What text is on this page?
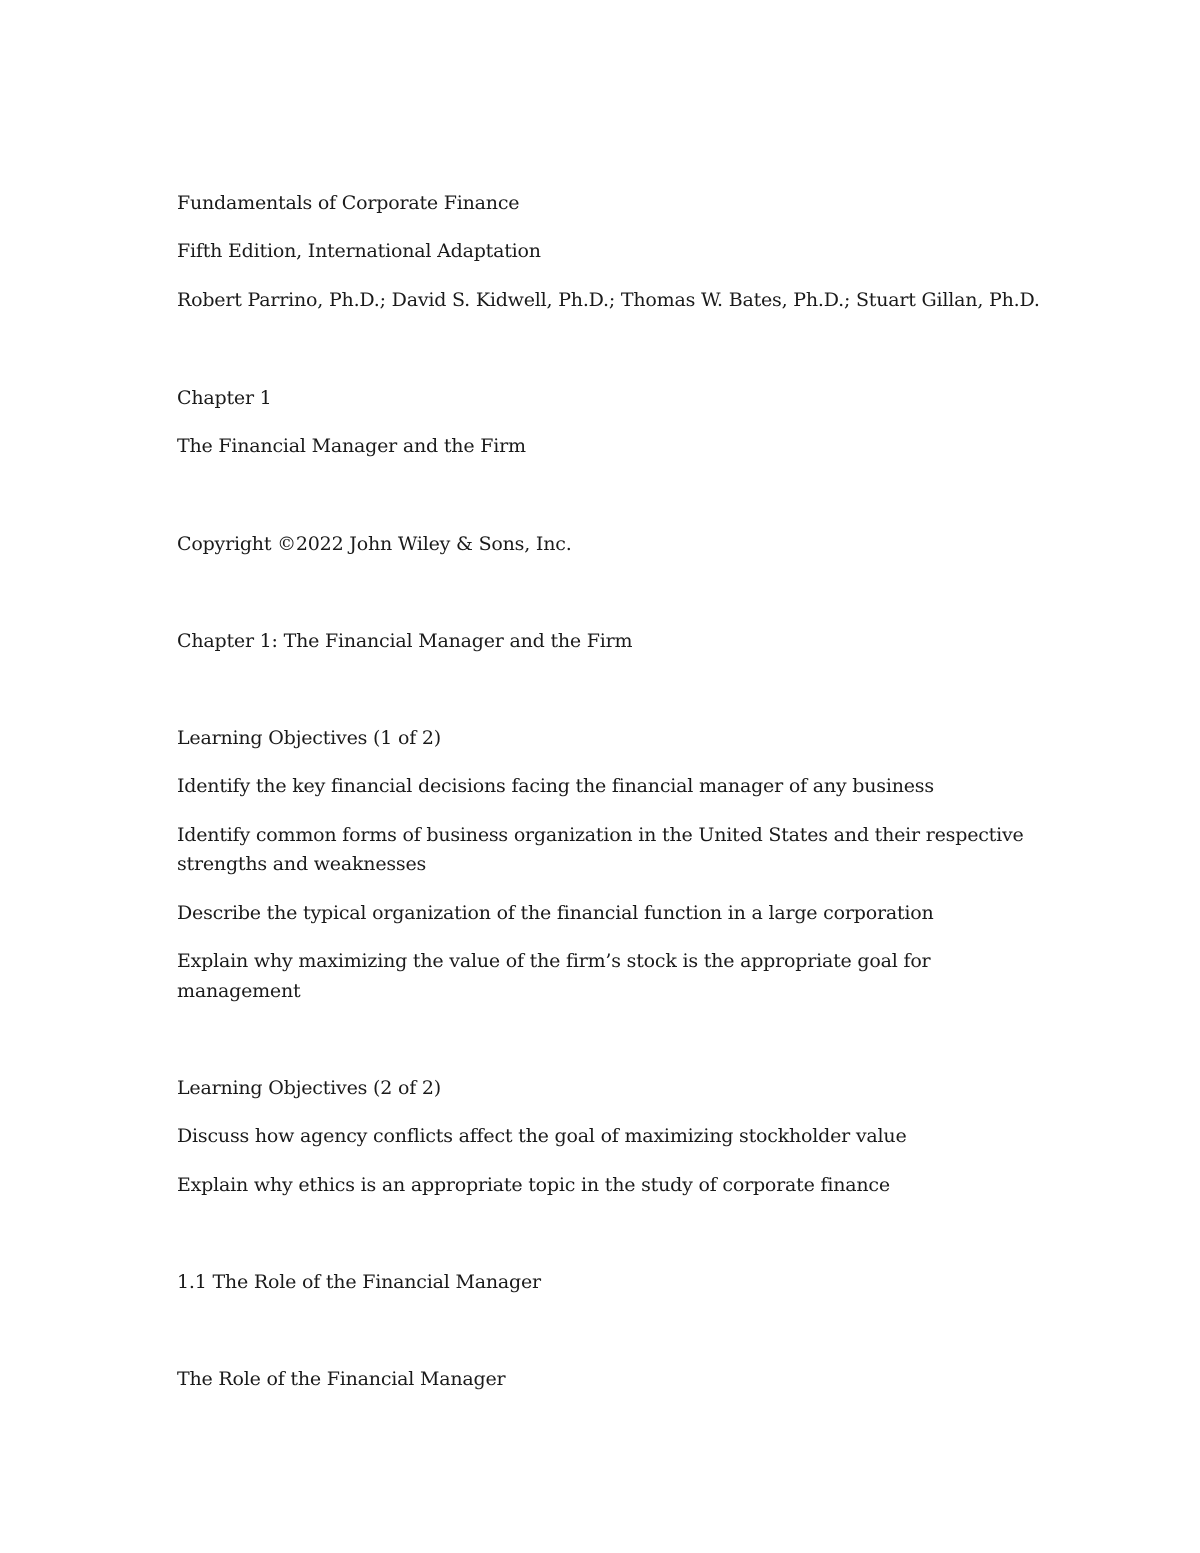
Fundamentals of Corporate Finance
Fifth Edition, International Adaptation
Robert Parrino, Ph.D.; David S. Kidwell, Ph.D.; Thomas W. Bates, Ph.D.; Stuart Gillan, Ph.D.
Chapter 1
The Financial Manager and the Firm
Copyright ©2022 John Wiley & Sons, Inc.
Chapter 1: The Financial Manager and the Firm
Learning Objectives (1 of 2)
Identify the key financial decisions facing the financial manager of any business
Identify common forms of business organization in the United States and their respective
strengths and weaknesses
Describe the typical organization of the financial function in a large corporation
Explain why maximizing the value of the firm’s stock is the appropriate goal for
management
Learning Objectives (2 of 2)
Discuss how agency conflicts affect the goal of maximizing stockholder value
Explain why ethics is an appropriate topic in the study of corporate finance
1.1 The Role of the Financial Manager
The Role of the Financial Manager
